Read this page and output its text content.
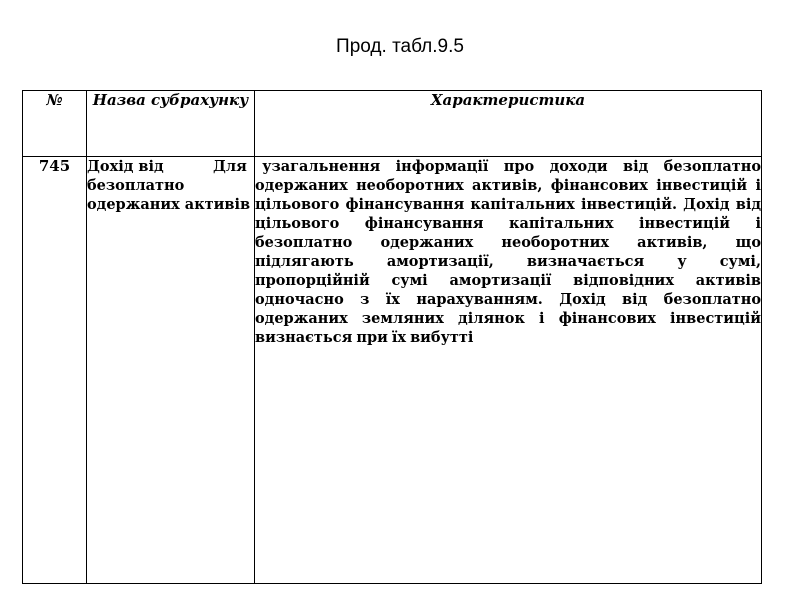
Прод. табл.9.5
№	Назва субрахунку	Характеристика
745	Дохід від безоплатно одержаних активів	Для узагальнення інформації про доходи від безоплатно одержаних необоротних активів, фінансових інвестицій і цільового фінансування капітальних інвестицій. Дохід від цільового фінансування капітальних інвестицій і безоплатно одержаних необоротних активів, що підлягають амортизації, визначається у сумі, пропорційній сумі амортизації відповідних активів одночасно з їх нарахуванням. Дохід від безоплатно одержаних земляних ділянок і фінансових інвестицій визнається при їх вибутті
